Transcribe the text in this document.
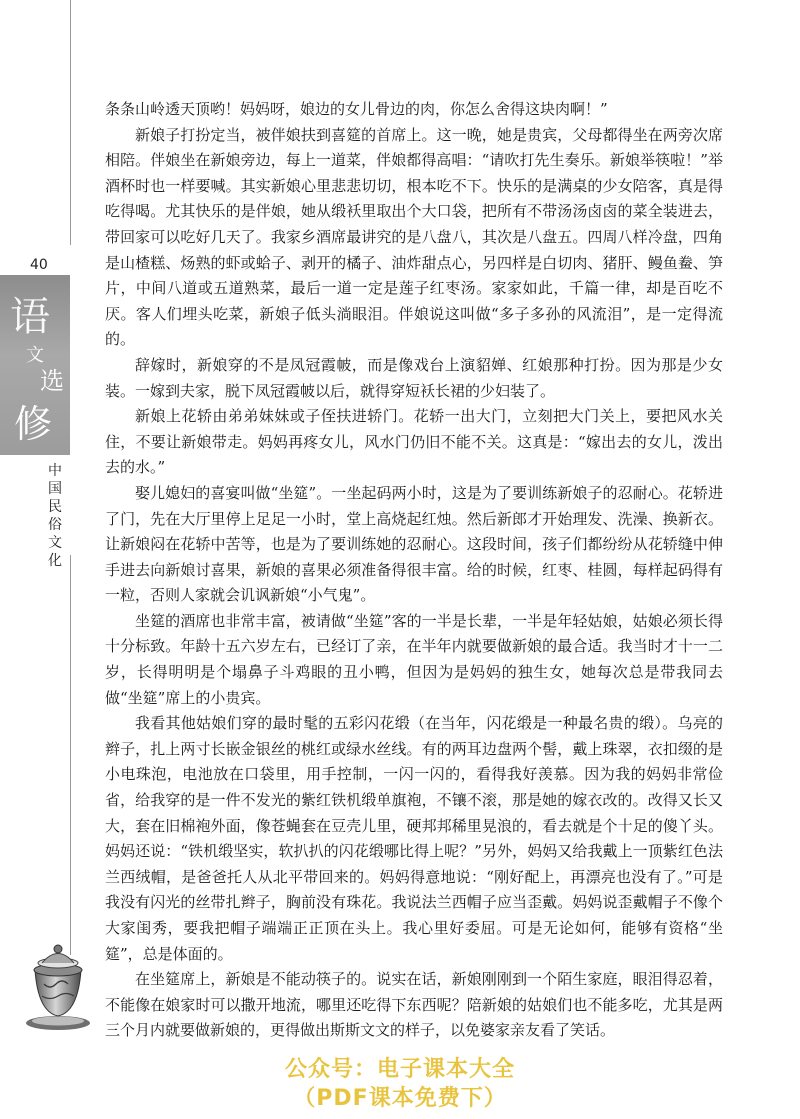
40
语
文
选
修
中国民俗文化

条条山岭透天顶哟！妈妈呀，娘边的女儿骨边的肉，你怎么舍得这块肉啊！”

新娘子打扮定当，被伴娘扶到喜筵的首席上。这一晚，她是贵宾，父母都得坐在两旁次席相陪。伴娘坐在新娘旁边，每上一道菜，伴娘都得高唱：“请吹打先生奏乐。新娘举筷啦！”举酒杯时也一样要喊。其实新娘心里悲悲切切，根本吃不下。快乐的是满桌的少女陪客，真是得吃得喝。尤其快乐的是伴娘，她从缎袄里取出个大口袋，把所有不带汤汤卤卤的菜全装进去，带回家可以吃好几天了。我家乡酒席最讲究的是八盘八，其次是八盘五。四周八样冷盘，四角是山楂糕、炀熟的虾或蛤子、剥开的橘子、油炸甜点心，另四样是白切肉、猪肝、鳗鱼鲞、笋片，中间八道或五道熟菜，最后一道一定是莲子红枣汤。家家如此，千篇一律，却是百吃不厌。客人们埋头吃菜，新娘子低头淌眼泪。伴娘说这叫做“多子多孙的风流泪”，是一定得流的。

辞嫁时，新娘穿的不是凤冠霞帔，而是像戏台上演貂婵、红娘那种打扮。因为那是少女装。一嫁到夫家，脱下凤冠霞帔以后，就得穿短袄长裙的少妇装了。

新娘上花轿由弟弟妹妹或子侄扶进轿门。花轿一出大门，立刻把大门关上，要把风水关住，不要让新娘带走。妈妈再疼女儿，风水门仍旧不能不关。这真是：“嫁出去的女儿，泼出去的水。”

娶儿媳妇的喜宴叫做“坐筵”。一坐起码两小时，这是为了要训练新娘子的忍耐心。花轿进了门，先在大厅里停上足足一小时，堂上高烧起红烛。然后新郎才开始理发、洗澡、换新衣。让新娘闷在花轿中苦等，也是为了要训练她的忍耐心。这段时间，孩子们都纷纷从花轿缝中伸手进去向新娘讨喜果，新娘的喜果必须准备得很丰富。给的时候，红枣、桂圆，每样起码得有一粒，否则人家就会讥讽新娘“小气鬼”。

坐筵的酒席也非常丰富，被请做“坐筵”客的一半是长辈，一半是年轻姑娘，姑娘必须长得十分标致。年龄十五六岁左右，已经订了亲，在半年内就要做新娘的最合适。我当时才十一二岁，长得明明是个塌鼻子斗鸡眼的丑小鸭，但因为是妈妈的独生女，她每次总是带我同去做“坐筵”席上的小贵宾。

我看其他姑娘们穿的最时髦的五彩闪花缎（在当年，闪花缎是一种最名贵的缎）。乌亮的辫子，扎上两寸长嵌金银丝的桃红或绿水丝线。有的两耳边盘两个髻，戴上珠翠，衣扣缀的是小电珠泡，电池放在口袋里，用手控制，一闪一闪的，看得我好羡慕。因为我的妈妈非常俭省，给我穿的是一件不发光的紫红铁机缎单旗袍，不镶不滚，那是她的嫁衣改的。改得又长又大，套在旧棉袍外面，像苍蝇套在豆壳儿里，硬邦邦稀里晃浪的，看去就是个十足的傻丫头。妈妈还说：“铁机缎坚实，软扒扒的闪花缎哪比得上呢？”另外，妈妈又给我戴上一顶紫红色法兰西绒帽，是爸爸托人从北平带回来的。妈妈得意地说：“刚好配上，再漂亮也没有了。”可是我没有闪光的丝带扎辫子，胸前没有珠花。我说法兰西帽子应当歪戴。妈妈说歪戴帽子不像个大家闺秀，要我把帽子端端正正顶在头上。我心里好委屈。可是无论如何，能够有资格“坐筵”，总是体面的。

在坐筵席上，新娘是不能动筷子的。说实在话，新娘刚刚到一个陌生家庭，眼泪得忍着，不能像在娘家时可以撒开地流，哪里还吃得下东西呢？陪新娘的姑娘们也不能多吃，尤其是两三个月内就要做新娘的，更得做出斯斯文文的样子，以免婆家亲友看了笑话。

公众号：电子课本大全
（PDF课本免费下）
